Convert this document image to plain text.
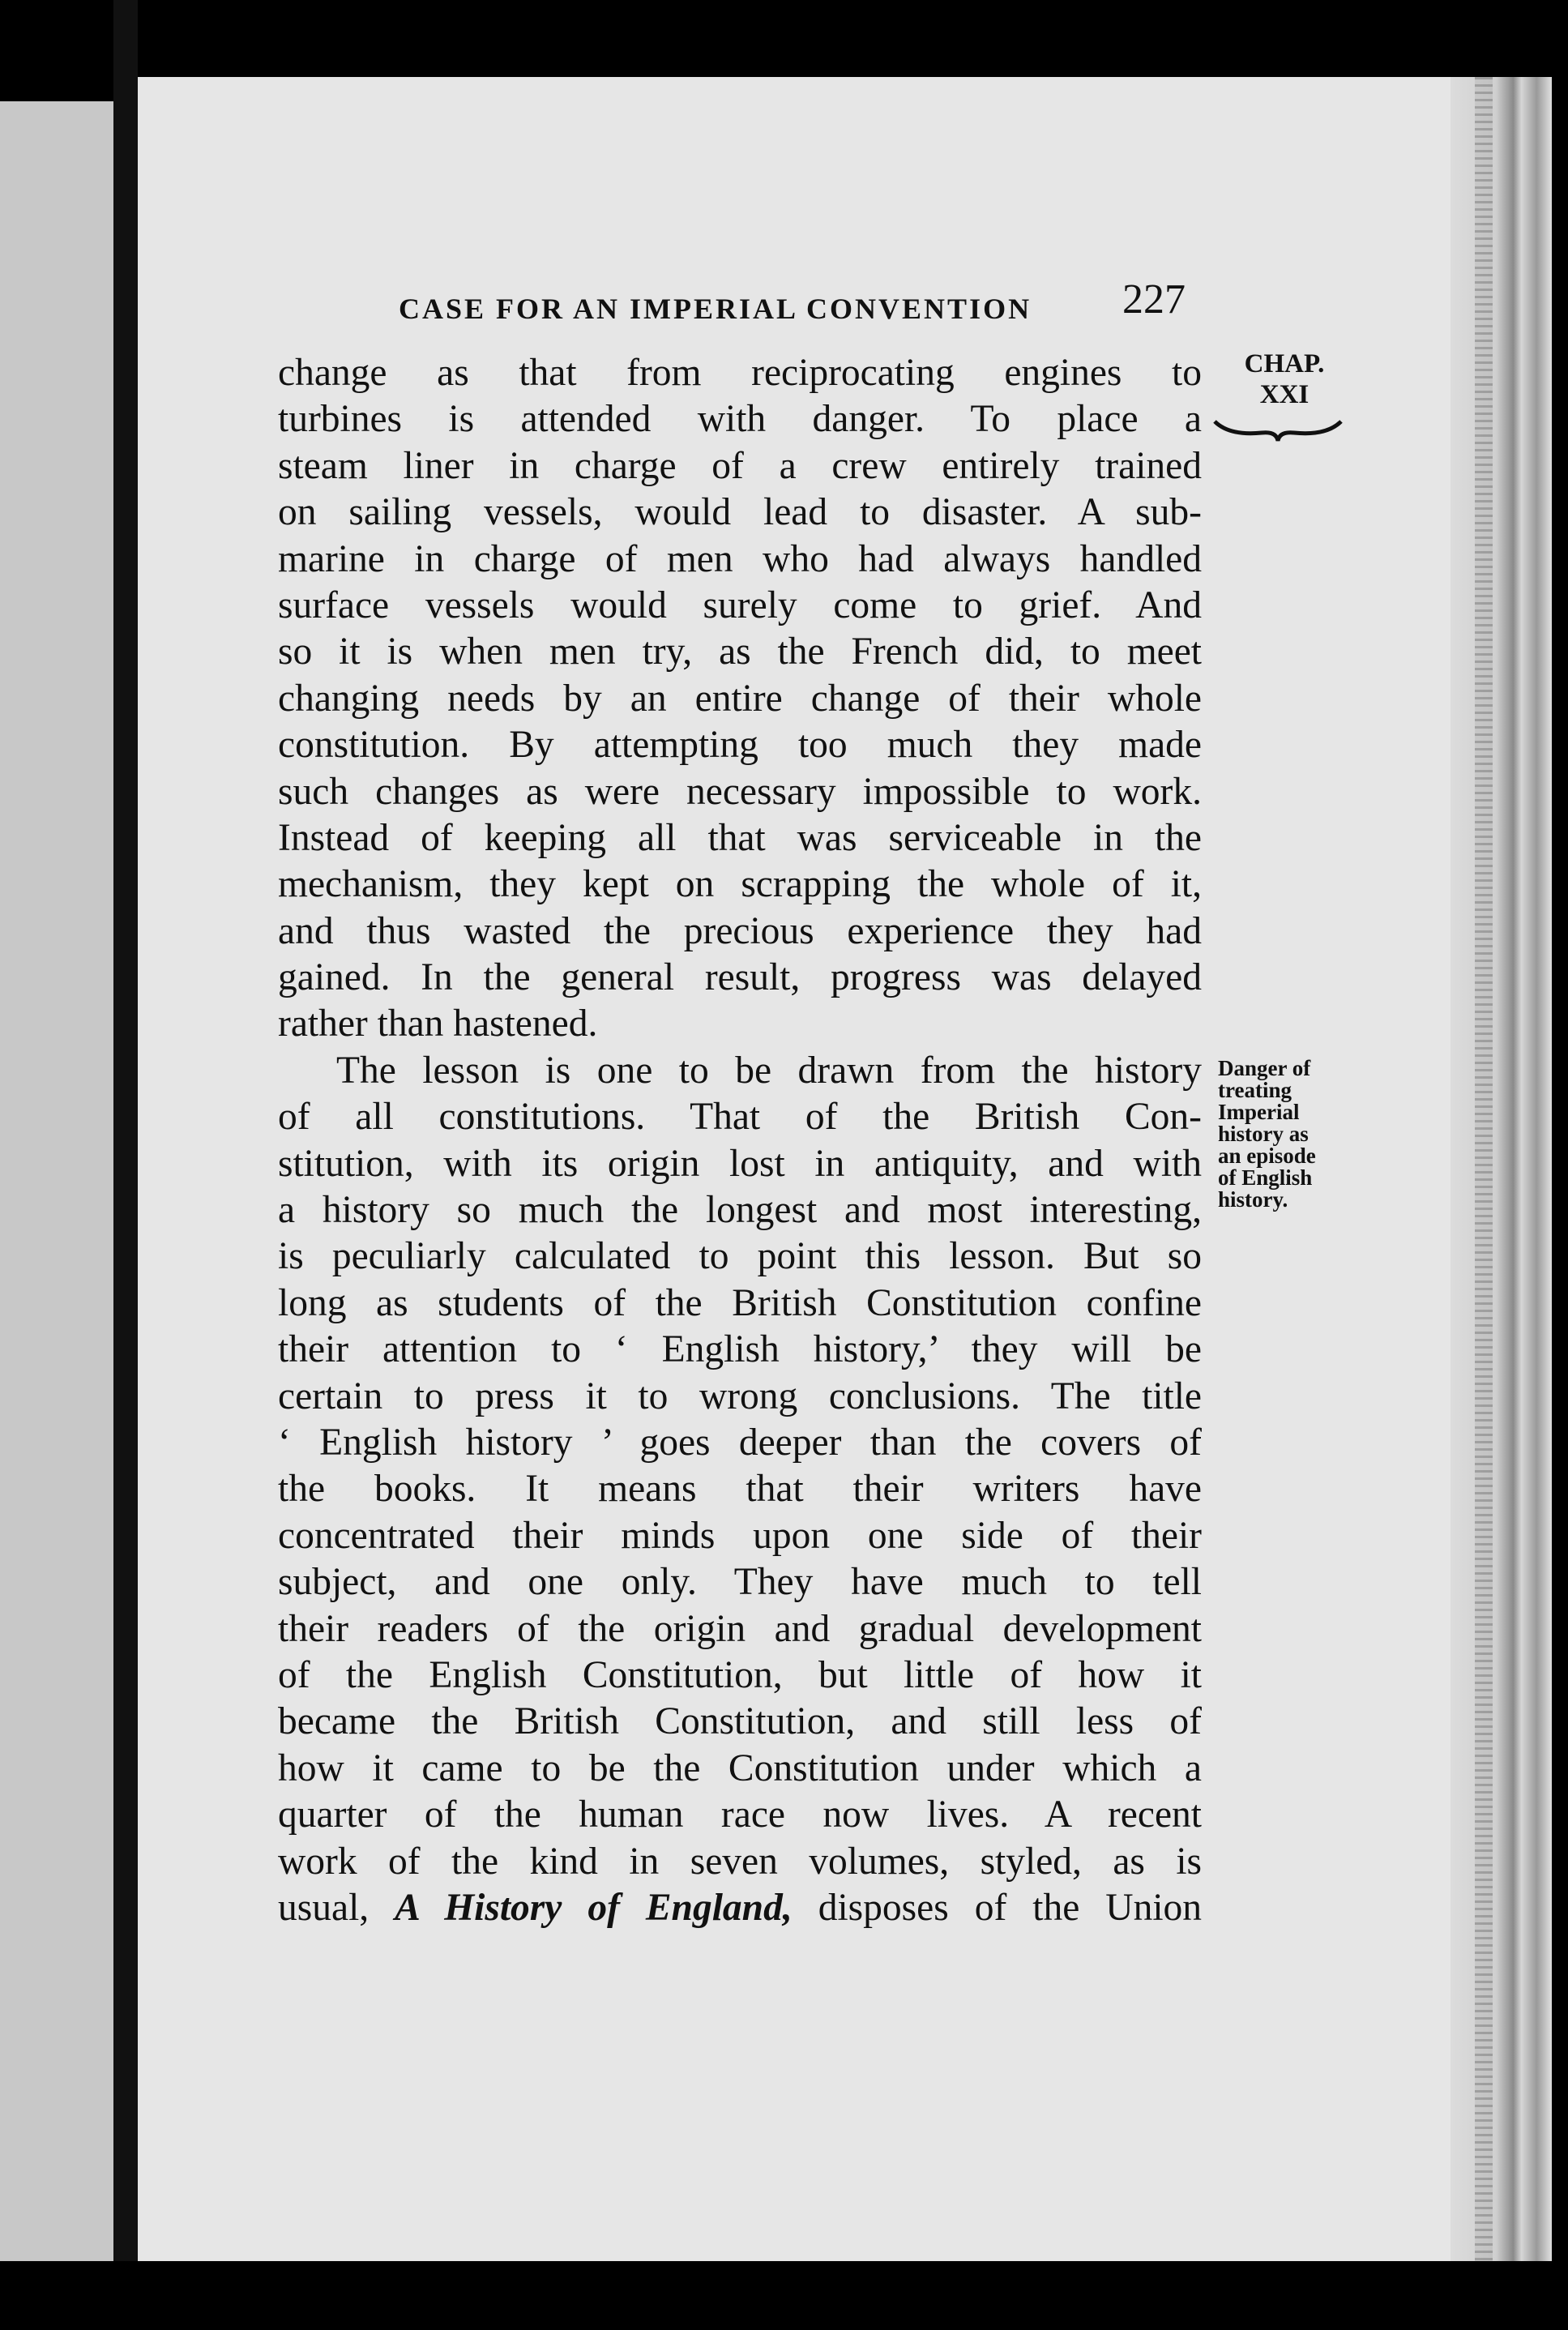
CASE FOR AN IMPERIAL CONVENTION	227
CHAP.
XXI
Danger of
treating
Imperial
history as
an episode
of English
history.
change as that from reciprocating engines to
turbines is attended with danger. To place a
steam liner in charge of a crew entirely trained
on sailing vessels, would lead to disaster. A sub-
marine in charge of men who had always handled
surface vessels would surely come to grief. And
so it is when men try, as the French did, to meet
changing needs by an entire change of their whole
constitution. By attempting too much they made
such changes as were necessary impossible to work.
Instead of keeping all that was serviceable in the
mechanism, they kept on scrapping the whole of it,
and thus wasted the precious experience they had
gained. In the general result, progress was delayed
rather than hastened.
The lesson is one to be drawn from the history
of all constitutions. That of the British Con-
stitution, with its origin lost in antiquity, and with
a history so much the longest and most interesting,
is peculiarly calculated to point this lesson. But so
long as students of the British Constitution confine
their attention to ‘ English history,’ they will be
certain to press it to wrong conclusions. The title
‘ English history ’ goes deeper than the covers of
the books. It means that their writers have
concentrated their minds upon one side of their
subject, and one only. They have much to tell
their readers of the origin and gradual development
of the English Constitution, but little of how it
became the British Constitution, and still less of
how it came to be the Constitution under which a
quarter of the human race now lives. A recent
work of the kind in seven volumes, styled, as is
usual, A History of England, disposes of the Union
